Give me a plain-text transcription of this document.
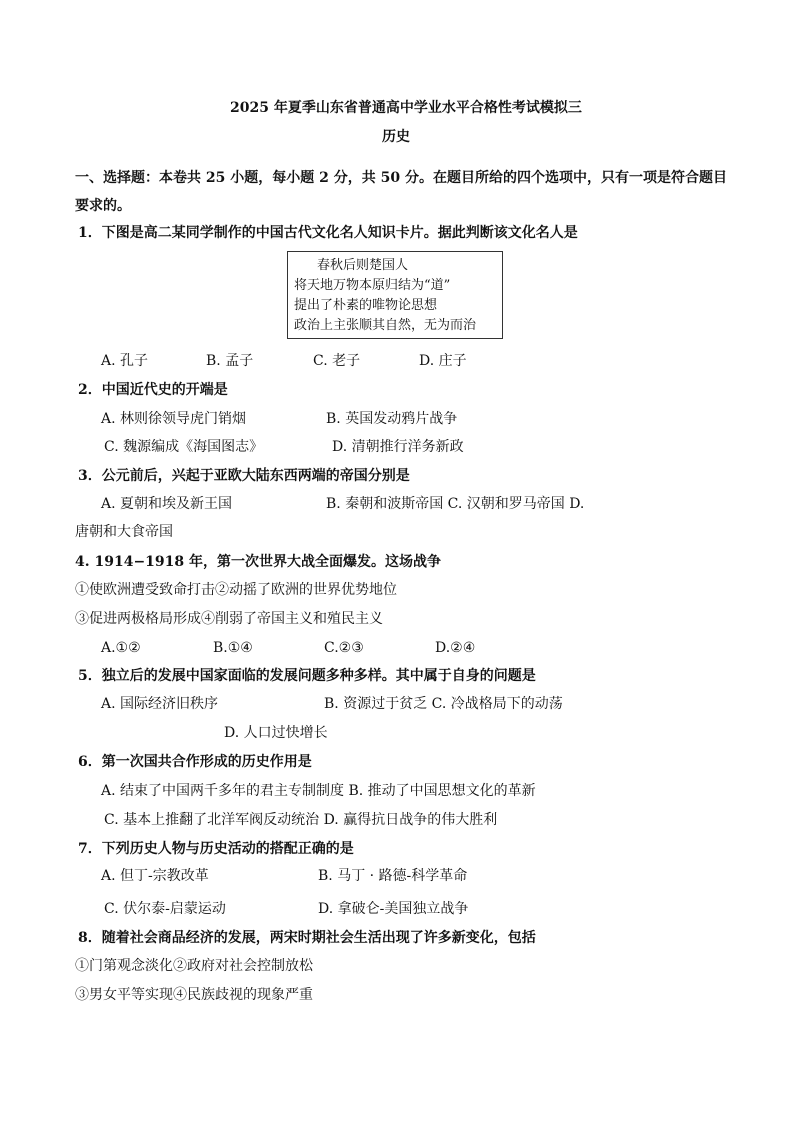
2025 年夏季山东省普通高中学业水平合格性考试模拟三
历史
一、选择题：本卷共 25 小题，每小题 2 分，共 50 分。在题目所给的四个选项中，只有一项是符合题目
要求的。
1．下图是高二某同学制作的中国古代文化名人知识卡片。据此判断该文化名人是
春秋后则楚国人
将天地万物本原归结为“道”
提出了朴素的唯物论思想
政治上主张顺其自然，无为而治
A. 孔子	B. 孟子	C. 老子	D. 庄子
2．中国近代史的开端是
A. 林则徐领导虎门销烟	B. 英国发动鸦片战争
C. 魏源编成《海国图志》	D. 清朝推行洋务新政
3．公元前后，兴起于亚欧大陆东西两端的帝国分别是
A. 夏朝和埃及新王国	B. 秦朝和波斯帝国 C. 汉朝和罗马帝国 D.
唐朝和大食帝国
4. 1914−1918 年，第一次世界大战全面爆发。这场战争
①使欧洲遭受致命打击②动摇了欧洲的世界优势地位
③促进两极格局形成④削弱了帝国主义和殖民主义
A.①②	B.①④	C.②③	D.②④
5．独立后的发展中国家面临的发展问题多种多样。其中属于自身的问题是
A. 国际经济旧秩序	B. 资源过于贫乏 C. 冷战格局下的动荡
D. 人口过快增长
6．第一次国共合作形成的历史作用是
A. 结束了中国两千多年的君主专制制度 B. 推动了中国思想文化的革新
C. 基本上推翻了北洋军阀反动统治 D. 赢得抗日战争的伟大胜利
7．下列历史人物与历史活动的搭配正确的是
A. 但丁-宗教改革	B. 马丁 · 路德-科学革命
C. 伏尔泰-启蒙运动	D. 拿破仑-美国独立战争
8．随着社会商品经济的发展，两宋时期社会生活出现了许多新变化，包括
①门第观念淡化②政府对社会控制放松
③男女平等实现④民族歧视的现象严重
